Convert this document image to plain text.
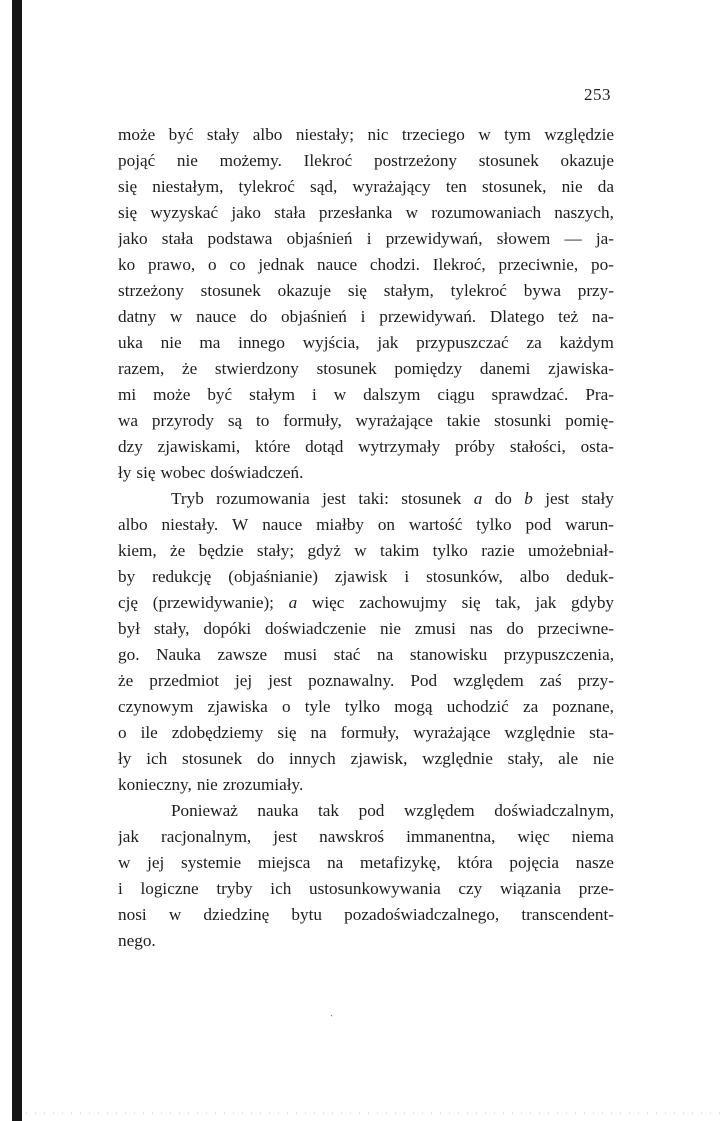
253
może być stały albo niestały; nic trzeciego w tym względzie
pojąć nie możemy. Ilekroć postrzeżony stosunek okazuje
się niestałym, tylekroć sąd, wyrażający ten stosunek, nie da
się wyzyskać jako stała przesłanka w rozumowaniach naszych,
jako stała podstawa objaśnień i przewidywań, słowem — ja-
ko prawo, o co jednak nauce chodzi. Ilekroć, przeciwnie, po-
strzeżony stosunek okazuje się stałym, tylekroć bywa przy-
datny w nauce do objaśnień i przewidywań. Dlatego też na-
uka nie ma innego wyjścia, jak przypuszczać za każdym
razem, że stwierdzony stosunek pomiędzy danemi zjawiska-
mi może być stałym i w dalszym ciągu sprawdzać. Pra-
wa przyrody są to formuły, wyrażające takie stosunki pomię-
dzy zjawiskami, które dotąd wytrzymały próby stałości, osta-
ły się wobec doświadczeń.
Tryb rozumowania jest taki: stosunek a do b jest stały
albo niestały. W nauce miałby on wartość tylko pod warun-
kiem, że będzie stały; gdyż w takim tylko razie umożebniał-
by redukcję (objaśnianie) zjawisk i stosunków, albo deduk-
cję (przewidywanie); a więc zachowujmy się tak, jak gdyby
był stały, dopóki doświadczenie nie zmusi nas do przeciwne-
go. Nauka zawsze musi stać na stanowisku przypuszczenia,
że przedmiot jej jest poznawalny. Pod względem zaś przy-
czynowym zjawiska o tyle tylko mogą uchodzić za poznane,
o ile zdobędziemy się na formuły, wyrażające względnie sta-
ły ich stosunek do innych zjawisk, względnie stały, ale nie
konieczny, nie zrozumiały.
Ponieważ nauka tak pod względem doświadczalnym,
jak racjonalnym, jest nawskroś immanentna, więc niema
w jej systemie miejsca na metafizykę, która pojęcia nasze
i logiczne tryby ich ustosunkowywania czy wiązania prze-
nosi w dziedzinę bytu pozadoświadczalnego, transcendent-
nego.
ˏ
